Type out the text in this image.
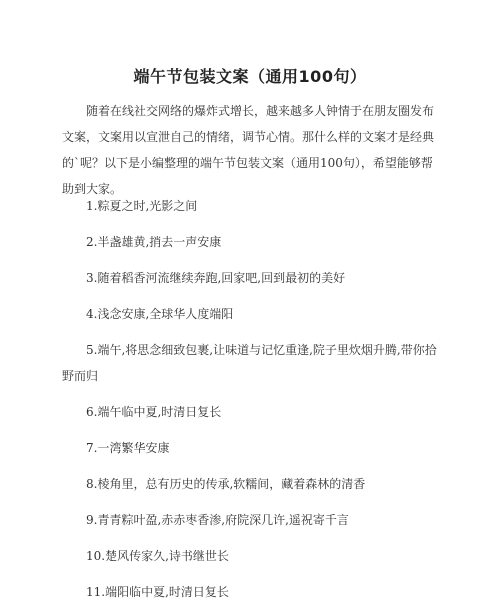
端午节包装文案（通用100句）
随着在线社交网络的爆炸式增长，越来越多人钟情于在朋友圈发布文案，文案用以宣泄自己的情绪，调节心情。那什么样的文案才是经典的`呢？以下是小编整理的端午节包装文案（通用100句），希望能够帮助到大家。
1.粽夏之时,光影之间
2.半盏雄黄,捎去一声安康
3.随着稻香河流继续奔跑,回家吧,回到最初的美好
4.浅念安康,全球华人度端阳
5.端午,将思念细致包裹,让味道与记忆重逢,院子里炊烟升腾,带你拾野而归
6.端午临中夏,时清日复长
7.一湾繁华安康
8.棱角里，总有历史的传承,软糯间，藏着森林的清香
9.青青粽叶盈,赤赤枣香渗,府院深几许,遥祝寄千言
10.楚风传家久,诗书继世长
11.端阳临中夏,时清日复长
